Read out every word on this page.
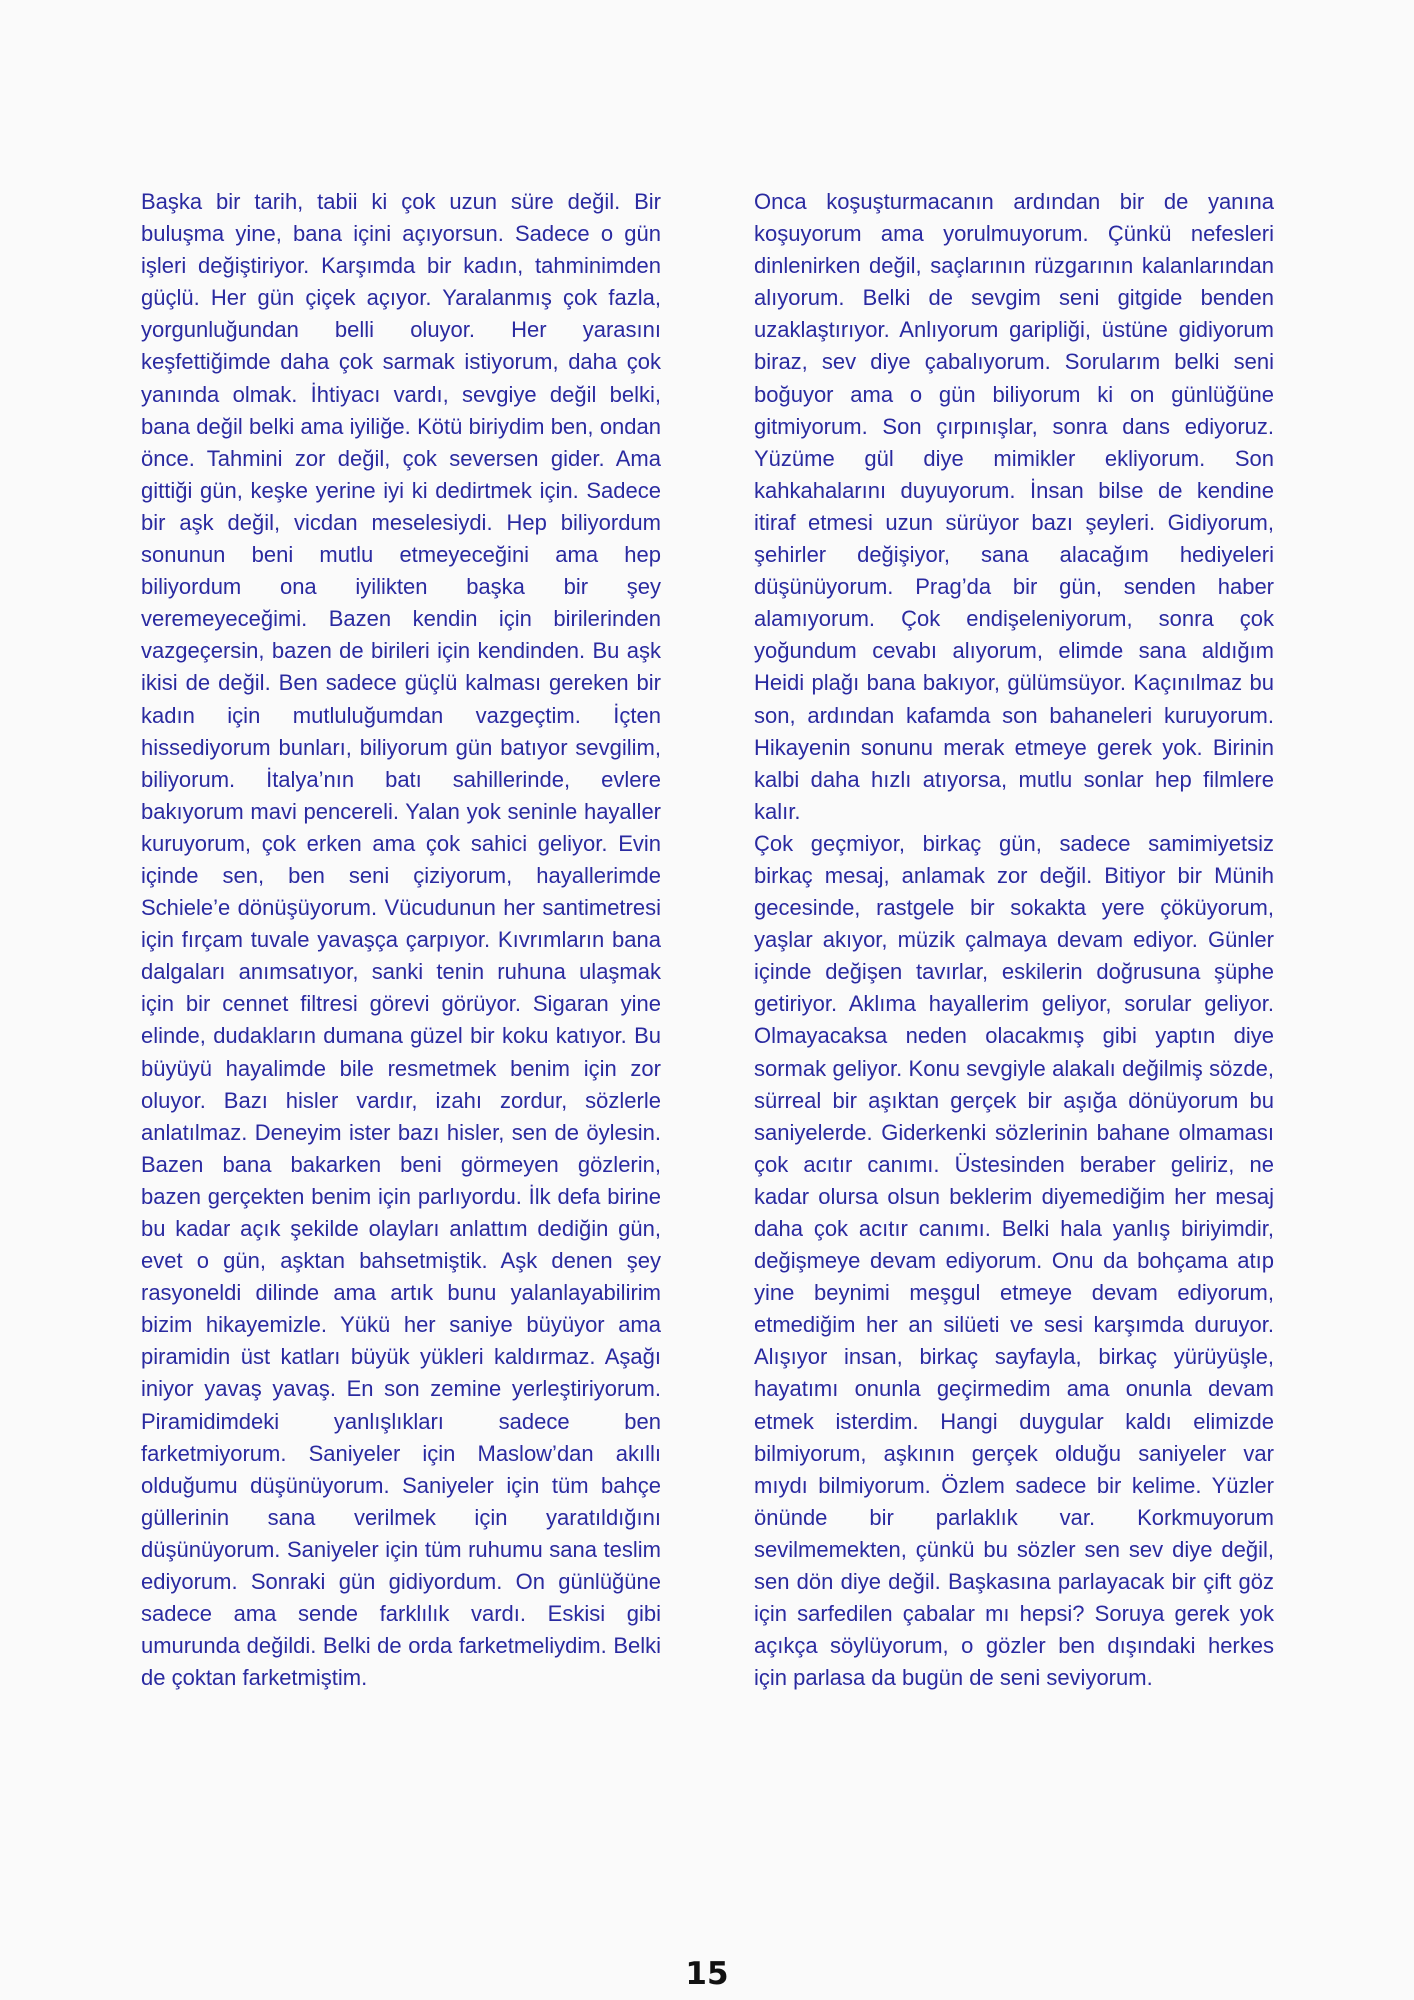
Başka bir tarih, tabii ki çok uzun süre değil. Bir buluşma yine, bana içini açıyorsun. Sadece o gün işleri değiştiriyor. Karşımda bir kadın, tahminimden güçlü. Her gün çiçek açıyor. Yaralanmış çok fazla, yorgunluğundan belli oluyor. Her yarasını keşfettiğimde daha çok sarmak istiyorum, daha çok yanında olmak. İhtiyacı vardı, sevgiye değil belki, bana değil belki ama iyiliğe. Kötü biriydim ben, ondan önce. Tahmini zor değil, çok seversen gider. Ama gittiği gün, keşke yerine iyi ki dedirtmek için. Sadece bir aşk değil, vicdan meselesiydi. Hep biliyordum sonunun beni mutlu etmeyeceğini ama hep biliyordum ona iyilikten başka bir şey veremeyeceğimi. Bazen kendin için birilerinden vazgeçersin, bazen de birileri için kendinden. Bu aşk ikisi de değil. Ben sadece güçlü kalması gereken bir kadın için mutluluğumdan vazgeçtim. İçten hissediyorum bunları, biliyorum gün batıyor sevgilim, biliyorum. İtalya’nın batı sahillerinde, evlere bakıyorum mavi pencereli. Yalan yok seninle hayaller kuruyorum, çok erken ama çok sahici geliyor. Evin içinde sen, ben seni çiziyorum, hayallerimde Schiele’e dönüşüyorum. Vücudunun her santimetresi için fırçam tuvale yavaşça çarpıyor. Kıvrımların bana dalgaları anımsatıyor, sanki tenin ruhuna ulaşmak için bir cennet filtresi görevi görüyor. Sigaran yine elinde, dudakların dumana güzel bir koku katıyor. Bu büyüyü hayalimde bile resmetmek benim için zor oluyor. Bazı hisler vardır, izahı zordur, sözlerle anlatılmaz. Deneyim ister bazı hisler, sen de öylesin. Bazen bana bakarken beni görmeyen gözlerin, bazen gerçekten benim için parlıyordu. İlk defa birine bu kadar açık şekilde olayları anlattım dediğin gün, evet o gün, aşktan bahsetmiştik. Aşk denen şey rasyoneldi dilinde ama artık bunu yalanlayabilirim bizim hikayemizle. Yükü her saniye büyüyor ama piramidin üst katları büyük yükleri kaldırmaz. Aşağı iniyor yavaş yavaş. En son zemine yerleştiriyorum. Piramidimdeki yanlışlıkları sadece ben farketmiyorum. Saniyeler için Maslow’dan akıllı olduğumu düşünüyorum. Saniyeler için tüm bahçe güllerinin sana verilmek için yaratıldığını düşünüyorum. Saniyeler için tüm ruhumu sana teslim ediyorum. Sonraki gün gidiyordum. On günlüğüne sadece ama sende farklılık vardı. Eskisi gibi umurunda değildi. Belki de orda farketmeliydim. Belki de çoktan farketmiştim.

Onca koşuşturmacanın ardından bir de yanına koşuyorum ama yorulmuyorum. Çünkü nefesleri dinlenirken değil, saçlarının rüzgarının kalanlarından alıyorum. Belki de sevgim seni gitgide benden uzaklaştırıyor. Anlıyorum garipliği, üstüne gidiyorum biraz, sev diye çabalıyorum. Sorularım belki seni boğuyor ama o gün biliyorum ki on günlüğüne gitmiyorum. Son çırpınışlar, sonra dans ediyoruz. Yüzüme gül diye mimikler ekliyorum. Son kahkahalarını duyuyorum. İnsan bilse de kendine itiraf etmesi uzun sürüyor bazı şeyleri. Gidiyorum, şehirler değişiyor, sana alacağım hediyeleri düşünüyorum. Prag’da bir gün, senden haber alamıyorum. Çok endişeleniyorum, sonra çok yoğundum cevabı alıyorum, elimde sana aldığım Heidi plağı bana bakıyor, gülümsüyor. Kaçınılmaz bu son, ardından kafamda son bahaneleri kuruyorum. Hikayenin sonunu merak etmeye gerek yok. Birinin kalbi daha hızlı atıyorsa, mutlu sonlar hep filmlere kalır.

Çok geçmiyor, birkaç gün, sadece samimiyetsiz birkaç mesaj, anlamak zor değil. Bitiyor bir Münih gecesinde, rastgele bir sokakta yere çöküyorum, yaşlar akıyor, müzik çalmaya devam ediyor. Günler içinde değişen tavırlar, eskilerin doğrusuna şüphe getiriyor. Aklıma hayallerim geliyor, sorular geliyor. Olmayacaksa neden olacakmış gibi yaptın diye sormak geliyor. Konu sevgiyle alakalı değilmiş sözde, sürreal bir aşıktan gerçek bir aşığa dönüyorum bu saniyelerde. Giderkenki sözlerinin bahane olmaması çok acıtır canımı. Üstesinden beraber geliriz, ne kadar olursa olsun beklerim diyemediğim her mesaj daha çok acıtır canımı. Belki hala yanlış biriyimdir, değişmeye devam ediyorum. Onu da bohçama atıp yine beynimi meşgul etmeye devam ediyorum, etmediğim her an silüeti ve sesi karşımda duruyor. Alışıyor insan, birkaç sayfayla, birkaç yürüyüşle, hayatımı onunla geçirmedim ama onunla devam etmek isterdim. Hangi duygular kaldı elimizde bilmiyorum, aşkının gerçek olduğu saniyeler var mıydı bilmiyorum. Özlem sadece bir kelime. Yüzler önünde bir parlaklık var. Korkmuyorum sevilmemekten, çünkü bu sözler sen sev diye değil, sen dön diye değil. Başkasına parlayacak bir çift göz için sarfedilen çabalar mı hepsi? Soruya gerek yok açıkça söylüyorum, o gözler ben dışındaki herkes için parlasa da bugün de seni seviyorum.

15
